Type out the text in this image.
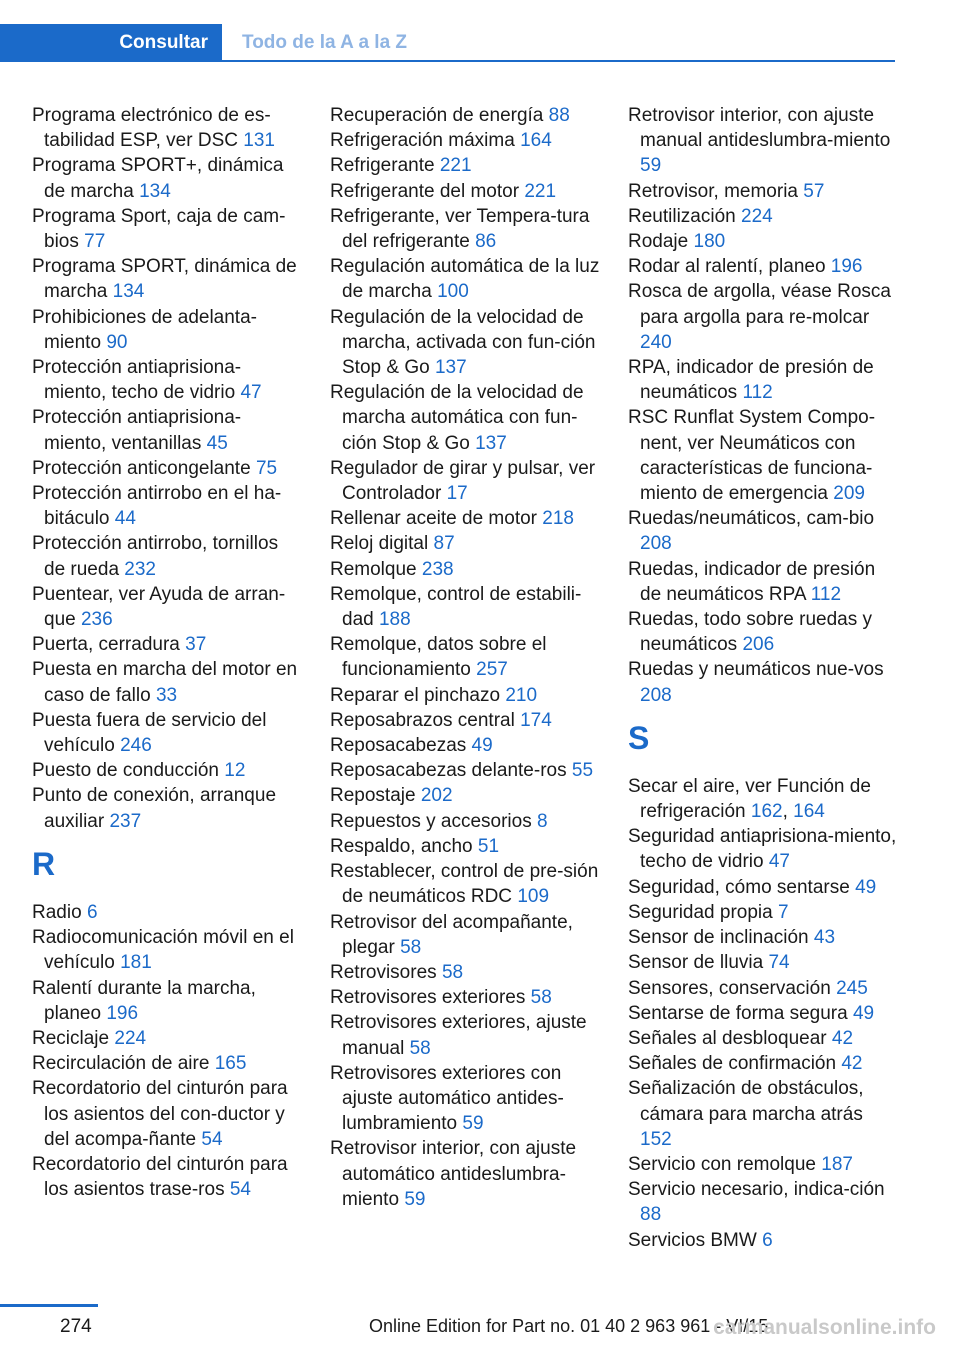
Consultar Todo de la A a la Z
Programa electrónico de es-tabilidad ESP, ver DSC 131
Programa SPORT+, dinámica de marcha 134
Programa Sport, caja de cam-bios 77
Programa SPORT, dinámica de marcha 134
Prohibiciones de adelanta-miento 90
Protección antiaprisiona-miento, techo de vidrio 47
Protección antiaprisiona-miento, ventanillas 45
Protección anticongelante 75
Protección antirrobo en el ha-bitáculo 44
Protección antirrobo, tornillos de rueda 232
Puentear, ver Ayuda de arran-que 236
Puerta, cerradura 37
Puesta en marcha del motor en caso de fallo 33
Puesta fuera de servicio del vehículo 246
Puesto de conducción 12
Punto de conexión, arranque auxiliar 237
R
Radio 6
Radiocomunicación móvil en el vehículo 181
Ralentí durante la marcha, planeo 196
Reciclaje 224
Recirculación de aire 165
Recordatorio del cinturón para los asientos del con-ductor y del acompa-ñante 54
Recordatorio del cinturón para los asientos trase-ros 54
Recuperación de energía 88
Refrigeración máxima 164
Refrigerante 221
Refrigerante del motor 221
Refrigerante, ver Tempera-tura del refrigerante 86
Regulación automática de la luz de marcha 100
Regulación de la velocidad de marcha, activada con fun-ción Stop & Go 137
Regulación de la velocidad de marcha automática con fun-ción Stop & Go 137
Regulador de girar y pulsar, ver Controlador 17
Rellenar aceite de motor 218
Reloj digital 87
Remolque 238
Remolque, control de estabili-dad 188
Remolque, datos sobre el funcionamiento 257
Reparar el pinchazo 210
Reposabrazos central 174
Reposacabezas 49
Reposacabezas delante-ros 55
Repostaje 202
Repuestos y accesorios 8
Respaldo, ancho 51
Restablecer, control de pre-sión de neumáticos RDC 109
Retrovisor del acompañante, plegar 58
Retrovisores 58
Retrovisores exteriores 58
Retrovisores exteriores, ajuste manual 58
Retrovisores exteriores con ajuste automático antides-lumbramiento 59
Retrovisor interior, con ajuste automático antideslumbra-miento 59
Retrovisor interior, con ajuste manual antideslumbra-miento 59
Retrovisor, memoria 57
Reutilización 224
Rodaje 180
Rodar al ralentí, planeo 196
Rosca de argolla, véase Rosca para argolla para re-molcar 240
RPA, indicador de presión de neumáticos 112
RSC Runflat System Compo-nent, ver Neumáticos con características de funciona-miento de emergencia 209
Ruedas/neumáticos, cam-bio 208
Ruedas, indicador de presión de neumáticos RPA 112
Ruedas, todo sobre ruedas y neumáticos 206
Ruedas y neumáticos nue-vos 208
S
Secar el aire, ver Función de refrigeración 162, 164
Seguridad antiaprisiona-miento, techo de vidrio 47
Seguridad, cómo sentarse 49
Seguridad propia 7
Sensor de inclinación 43
Sensor de lluvia 74
Sensores, conservación 245
Sentarse de forma segura 49
Señales al desbloquear 42
Señales de confirmación 42
Señalización de obstáculos, cámara para marcha atrás 152
Servicio con remolque 187
Servicio necesario, indica-ción 88
Servicios BMW 6
274	Online Edition for Part no. 01 40 2 963 961 - VI/15
carmanualsonline.info
